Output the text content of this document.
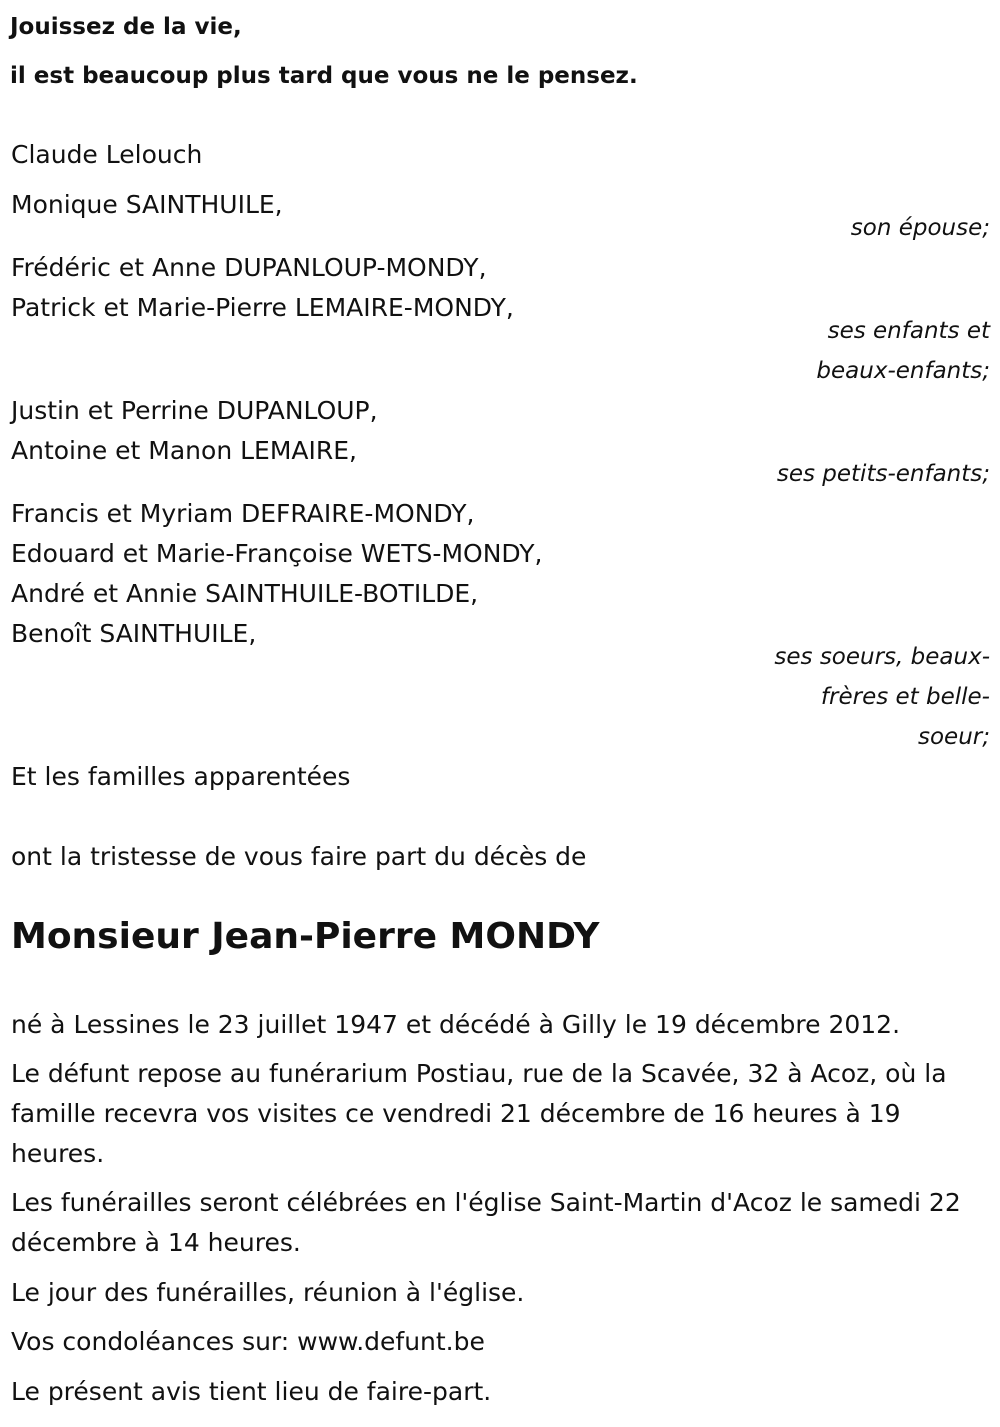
Jouissez de la vie,
il est beaucoup plus tard que vous ne le pensez.
Claude Lelouch
Monique SAINTHUILE,
son épouse;
Frédéric et Anne DUPANLOUP-MONDY,
Patrick et Marie-Pierre LEMAIRE-MONDY,
ses enfants et
beaux-enfants;
Justin et Perrine DUPANLOUP,
Antoine et Manon LEMAIRE,
ses petits-enfants;
Francis et Myriam DEFRAIRE-MONDY,
Edouard et Marie-Françoise WETS-MONDY,
André et Annie SAINTHUILE-BOTILDE,
Benoît SAINTHUILE,
ses soeurs, beaux-
frères et belle-
soeur;
Et les familles apparentées
ont la tristesse de vous faire part du décès de
Monsieur Jean-Pierre MONDY
né à Lessines le 23 juillet 1947 et décédé à Gilly le 19 décembre 2012.
Le défunt repose au funérarium Postiau, rue de la Scavée, 32 à Acoz, où la famille recevra vos visites ce vendredi 21 décembre de 16 heures à 19 heures.
Les funérailles seront célébrées en l'église Saint-Martin d'Acoz le samedi 22 décembre à 14 heures.
Le jour des funérailles, réunion à l'église.
Vos condoléances sur: www.defunt.be
Le présent avis tient lieu de faire-part.
